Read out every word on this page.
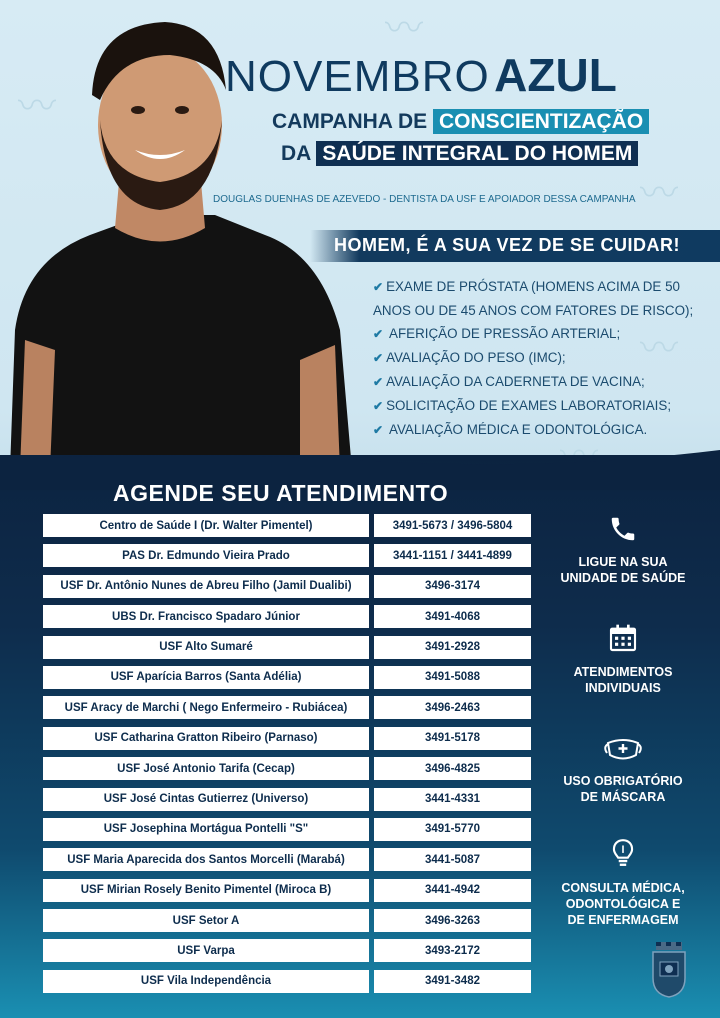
〰
〰
〰
〰
NOVEMBRO AZUL
CAMPANHA DE CONSCIENTIZAÇÃO
DA SAÚDE INTEGRAL DO HOMEM
DOUGLAS DUENHAS DE AZEVEDO - DENTISTA DA USF E APOIADOR DESSA CAMPANHA
HOMEM, É A SUA VEZ DE SE CUIDAR!
✔ EXAME DE PRÓSTATA (HOMENS ACIMA DE 50
ANOS OU DE 45 ANOS COM FATORES DE RISCO);
✔ AFERIÇÃO DE PRESSÃO ARTERIAL;
✔ AVALIAÇÃO DO PESO (IMC);
✔ AVALIAÇÃO DA CADERNETA DE VACINA;
✔ SOLICITAÇÃO DE EXAMES LABORATORIAIS;
✔ AVALIAÇÃO MÉDICA E ODONTOLÓGICA.
AGENDE SEU ATENDIMENTO
Centro de Saúde I (Dr. Walter Pimentel)	3491-5673 / 3496-5804
PAS Dr. Edmundo Vieira Prado	3441-1151 / 3441-4899
USF Dr. Antônio Nunes de Abreu Filho (Jamil Dualibi)	3496-3174
UBS Dr. Francisco Spadaro Júnior	3491-4068
USF Alto Sumaré	3491-2928
USF Aparícia Barros (Santa Adélia)	3491-5088
USF Aracy de Marchi ( Nego Enfermeiro - Rubiácea)	3496-2463
USF Catharina Gratton Ribeiro (Parnaso)	3491-5178
USF José Antonio Tarifa (Cecap)	3496-4825
USF José Cintas Gutierrez (Universo)	3441-4331
USF Josephina Mortágua Pontelli "S"	3491-5770
USF Maria Aparecida dos Santos Morcelli (Marabá)	3441-5087
USF Mirian Rosely Benito Pimentel (Miroca B)	3441-4942
USF Setor A	3496-3263
USF Varpa	3493-2172
USF Vila Independência	3491-3482
LIGUE NA SUA
UNIDADE DE SAÚDE
ATENDIMENTOS
INDIVIDUAIS
USO OBRIGATÓRIO
DE MÁSCARA
CONSULTA MÉDICA,
ODONTOLÓGICA E
DE ENFERMAGEM
